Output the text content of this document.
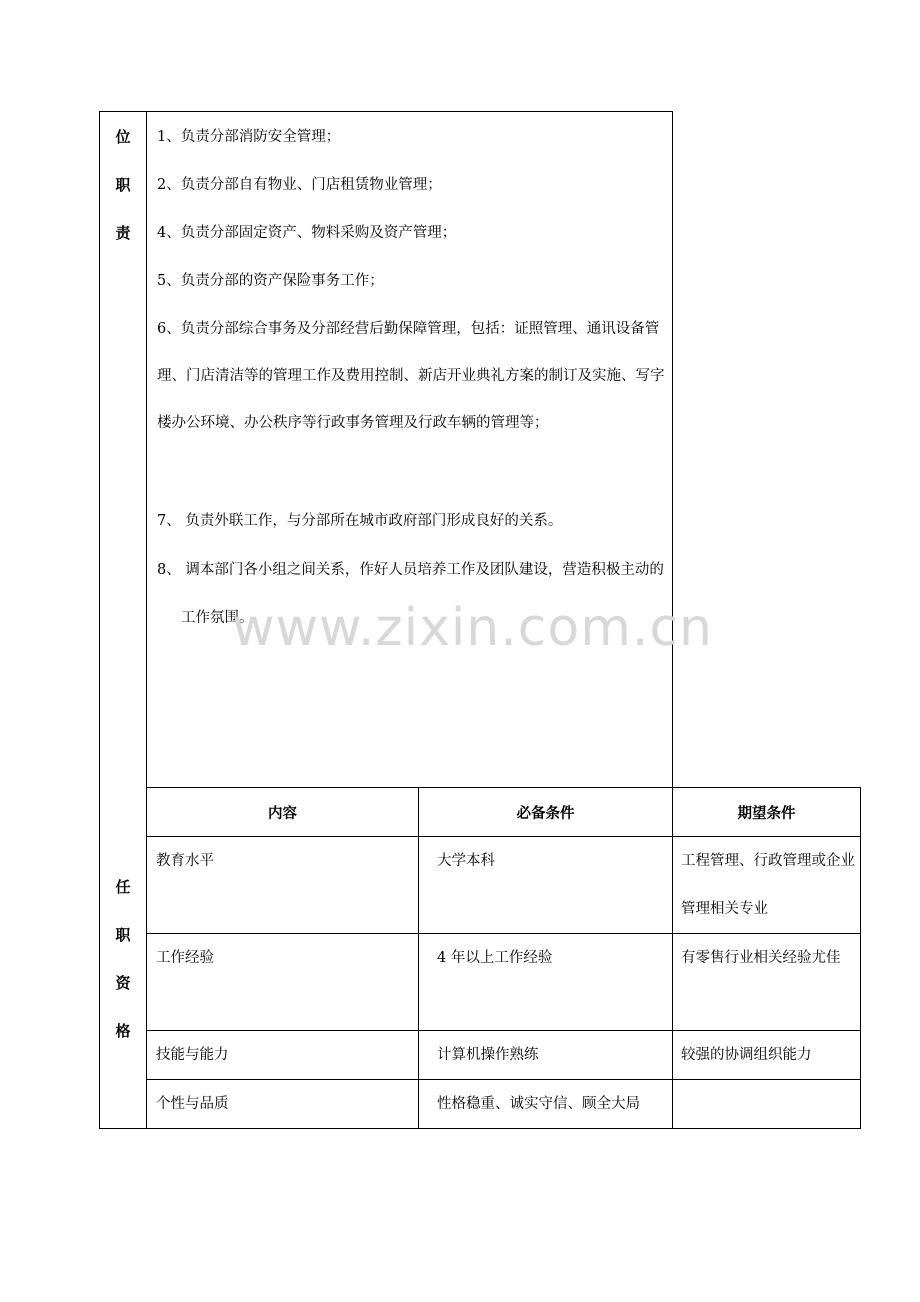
位
职
责
1、负责分部消防安全管理；
2、负责分部自有物业、门店租赁物业管理；
4、负责分部固定资产、物料采购及资产管理；
5、负责分部的资产保险事务工作；
6、负责分部综合事务及分部经营后勤保障管理，包括：证照管理、通讯设备管理、门店清洁等的管理工作及费用控制、新店开业典礼方案的制订及实施、写字楼办公环境、办公秩序等行政事务管理及行政车辆的管理等；
7、 负责外联工作，与分部所在城市政府部门形成良好的关系。
8、 调本部门各小组之间关系，作好人员培养工作及团队建设，营造积极主动的工作氛围。
任
职
资
格
内容	必备条件	期望条件
教育水平	大学本科	工程管理、行政管理或企业管理相关专业
工作经验	4 年以上工作经验	有零售行业相关经验尤佳
技能与能力	计算机操作熟练	较强的协调组织能力
个性与品质	性格稳重、诚实守信、顾全大局
www.zixin.com.cn
